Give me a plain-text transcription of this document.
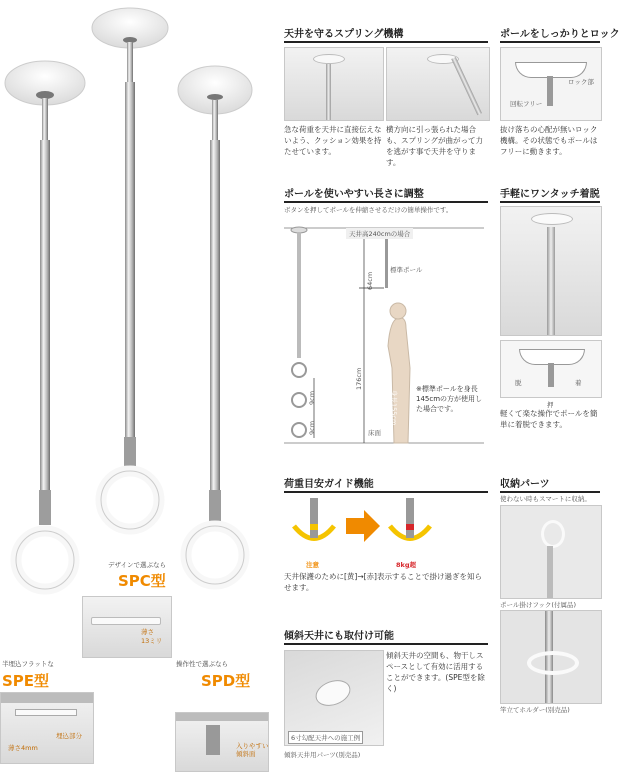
デザインで選ぶなら
SPC型
薄さ
13ミリ
半埋込フラットな
SPE型
薄さ4mm
埋込部分
操作性で選ぶなら
SPD型
入りやすい
傾斜面
天井を守るスプリング機構
急な荷重を天井に直接伝えないよう、クッション効果を持たせています。
横方向に引っ張られた場合も、スプリングが曲がって力を逃がす事で天井を守ります。
ポールをしっかりとロック
ロック部
回転フリー
抜け落ちの心配が無いロック機構。その状態でもポールはフリーに動きます。
ポールを使いやすい長さに調整
ボタンを押してポールを伸縮させるだけの簡単操作です。
天井高240cmの場合
標準ポール
64cm
176cm
9cm
9cm
身長155cm
床面
※標準ポールを身長145cmの方が使用した場合です。
手軽にワンタッチ着脱
脱	着
押
軽くて楽な操作でポールを簡単に着脱できます。
荷重目安ガイド機能
注意	8kg超
天井保護のために[黄]→[赤]表示することで掛け過ぎを知らせます。
収納パーツ
使わない時もスマートに収納。
ポール掛けフック(付属品)
竿立てホルダー(別売品)
傾斜天井にも取付け可能
6寸勾配天井への施工例
傾斜天井の空間も、物干しスペースとして有効に活用することができます。(SPE型を除く)
傾斜天井用パーツ(別売品)
